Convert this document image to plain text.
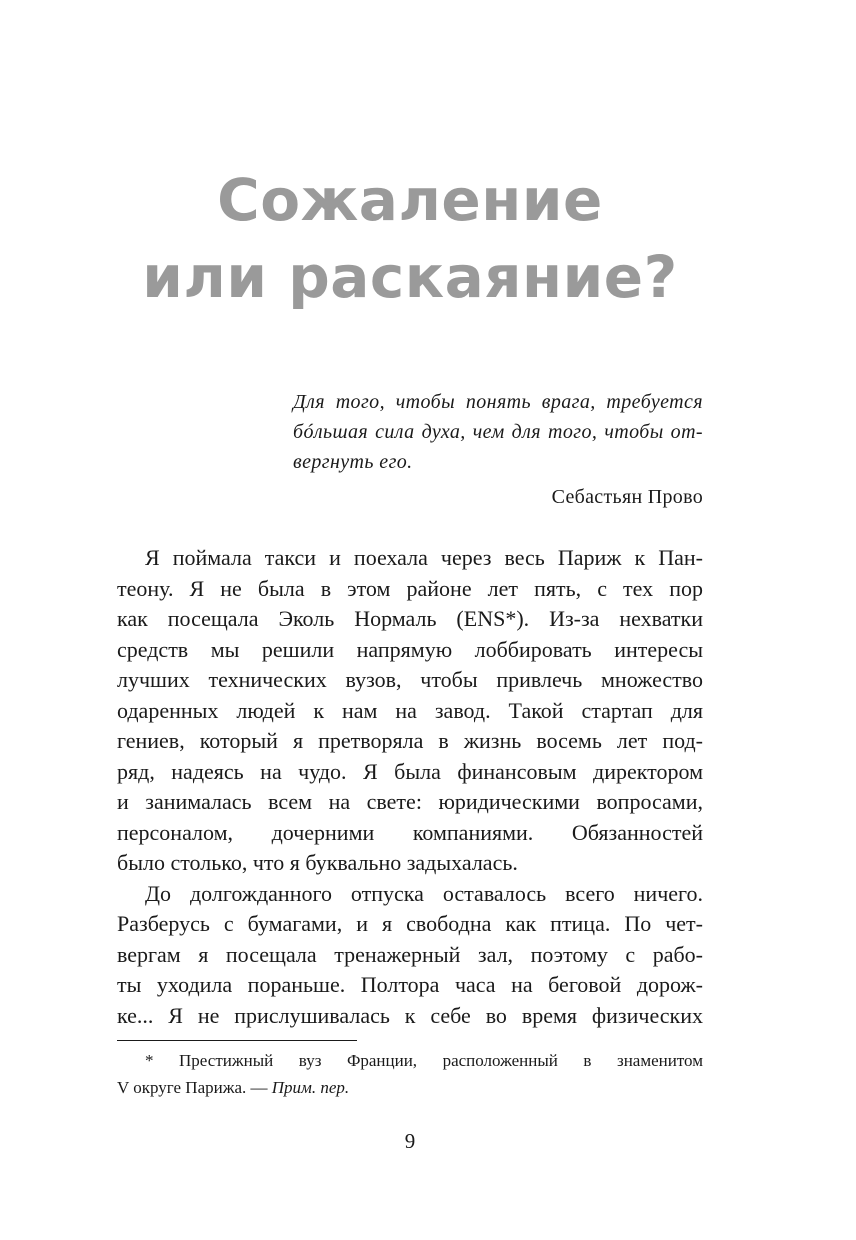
Сожаление
или раскаяние?
Для того, чтобы понять врага, требуется
бóльшая сила духа, чем для того, чтобы от-
вергнуть его.
Себастьян Прово
Я поймала такси и поехала через весь Париж к Пан-
теону. Я не была в этом районе лет пять, с тех пор
как посещала Эколь Нормаль (ENS*). Из-за нехватки
средств мы решили напрямую лоббировать интересы
лучших технических вузов, чтобы привлечь множество
одаренных людей к нам на завод. Такой стартап для
гениев, который я претворяла в жизнь восемь лет под-
ряд, надеясь на чудо. Я была финансовым директором
и занималась всем на свете: юридическими вопросами,
персоналом, дочерними компаниями. Обязанностей
было столько, что я буквально задыхалась.
До долгожданного отпуска оставалось всего ничего.
Разберусь с бумагами, и я свободна как птица. По чет-
вергам я посещала тренажерный зал, поэтому с рабо-
ты уходила пораньше. Полтора часа на беговой дорож-
ке... Я не прислушивалась к себе во время физических
* Престижный вуз Франции, расположенный в знаменитом
V округе Парижа. — Прим. пер.
9
